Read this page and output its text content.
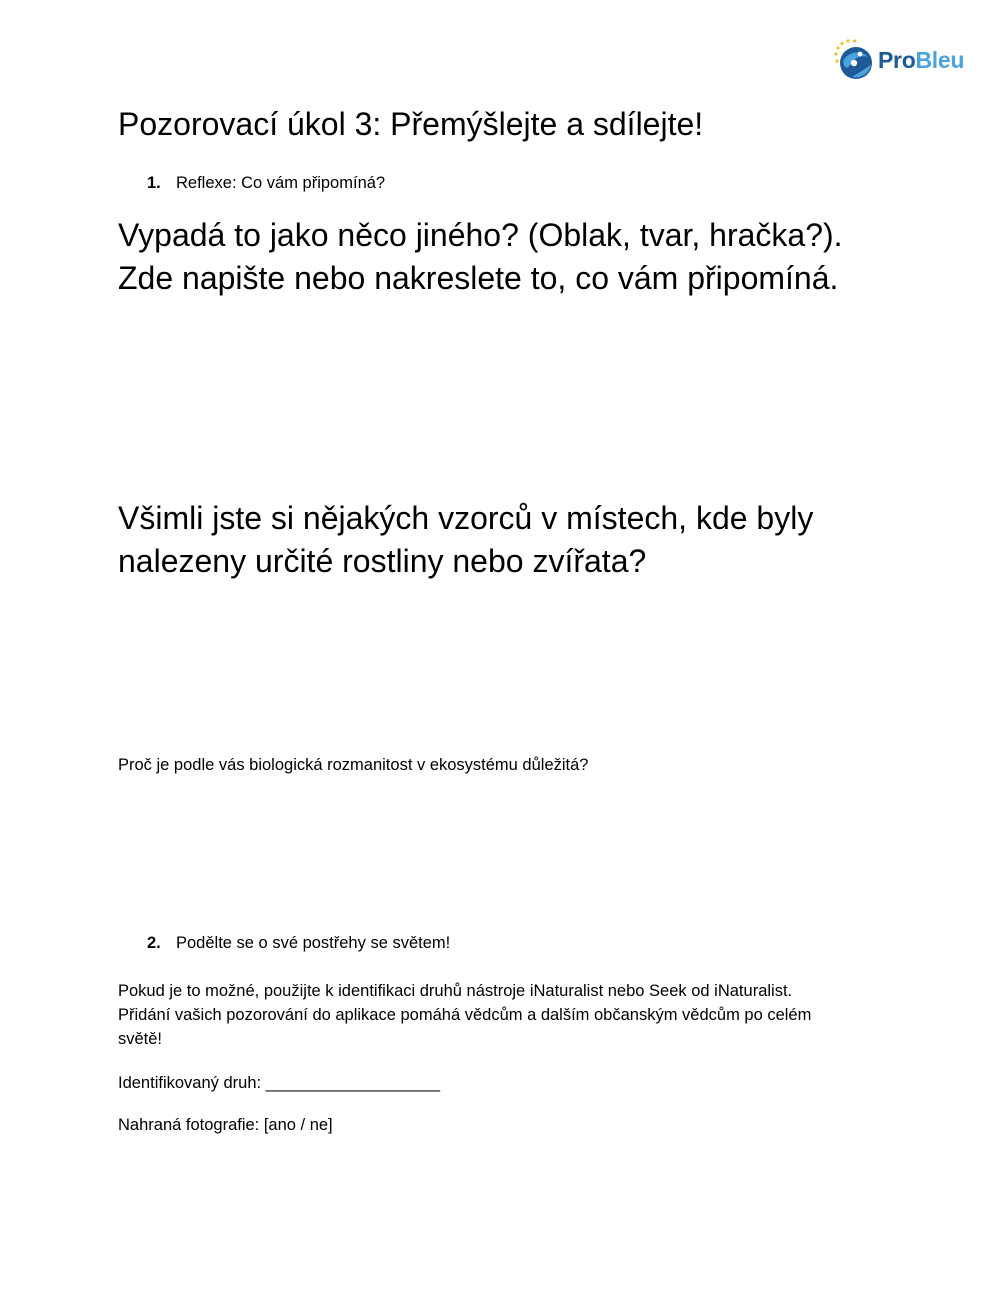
ProBleu
Pozorovací úkol 3: Přemýšlejte a sdílejte!
1. Reflexe: Co vám připomíná?
Vypadá to jako něco jiného? (Oblak, tvar, hračka?).
Zde napište nebo nakreslete to, co vám připomíná.
Všimli jste si nějakých vzorců v místech, kde byly
nalezeny určité rostliny nebo zvířata?

Proč je podle vás biologická rozmanitost v ekosystému důležitá?

2. Podělte se o své postřehy se světem!
Pokud je to možné, použijte k identifikaci druhů nástroje iNaturalist nebo Seek od iNaturalist.
Přidání vašich pozorování do aplikace pomáhá vědcům a dalším občanským vědcům po celém
světě!

Identifikovaný druh: ___________________

Nahraná fotografie: [ano / ne]
